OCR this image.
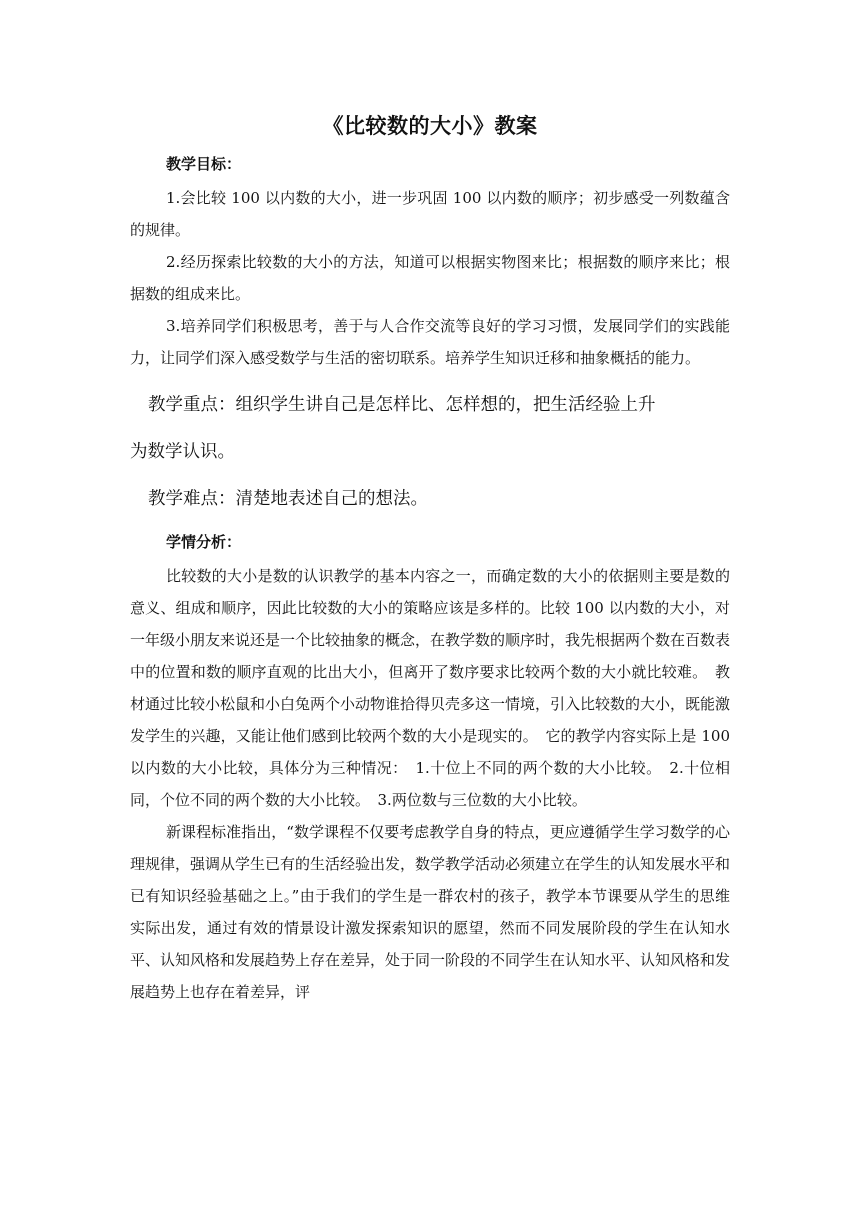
《比较数的大小》教案
教学目标：

1.会比较 100 以内数的大小，进一步巩固 100 以内数的顺序；初步感受一列数蕴含的规律。

2.经历探索比较数的大小的方法，知道可以根据实物图来比；根据数的顺序来比；根据数的组成来比。

3.培养同学们积极思考，善于与人合作交流等良好的学习习惯，发展同学们的实践能力，让同学们深入感受数学与生活的密切联系。培养学生知识迁移和抽象概括的能力。

教学重点：组织学生讲自己是怎样比、怎样想的，把生活经验上升
为数学认识。

教学难点：清楚地表述自己的想法。

学情分析：

比较数的大小是数的认识教学的基本内容之一，而确定数的大小的依据则主要是数的意义、组成和顺序，因此比较数的大小的策略应该是多样的。比较 100 以内数的大小，对一年级小朋友来说还是一个比较抽象的概念，在教学数的顺序时，我先根据两个数在百数表中的位置和数的顺序直观的比出大小，但离开了数序要求比较两个数的大小就比较难。　教材通过比较小松鼠和小白兔两个小动物谁拾得贝壳多这一情境，引入比较数的大小，既能激发学生的兴趣，又能让他们感到比较两个数的大小是现实的。　它的教学内容实际上是 100 以内数的大小比较，具体分为三种情况：　1.十位上不同的两个数的大小比较。　2.十位相同，个位不同的两个数的大小比较。　3.两位数与三位数的大小比较。

新课程标准指出，“数学课程不仅要考虑教学自身的特点，更应遵循学生学习数学的心理规律，强调从学生已有的生活经验出发，数学教学活动必须建立在学生的认知发展水平和已有知识经验基础之上。”由于我们的学生是一群农村的孩子，教学本节课要从学生的思维实际出发，通过有效的情景设计激发探索知识的愿望，然而不同发展阶段的学生在认知水平、认知风格和发展趋势上存在差异，处于同一阶段的不同学生在认知水平、认知风格和发展趋势上也存在着差异，评
